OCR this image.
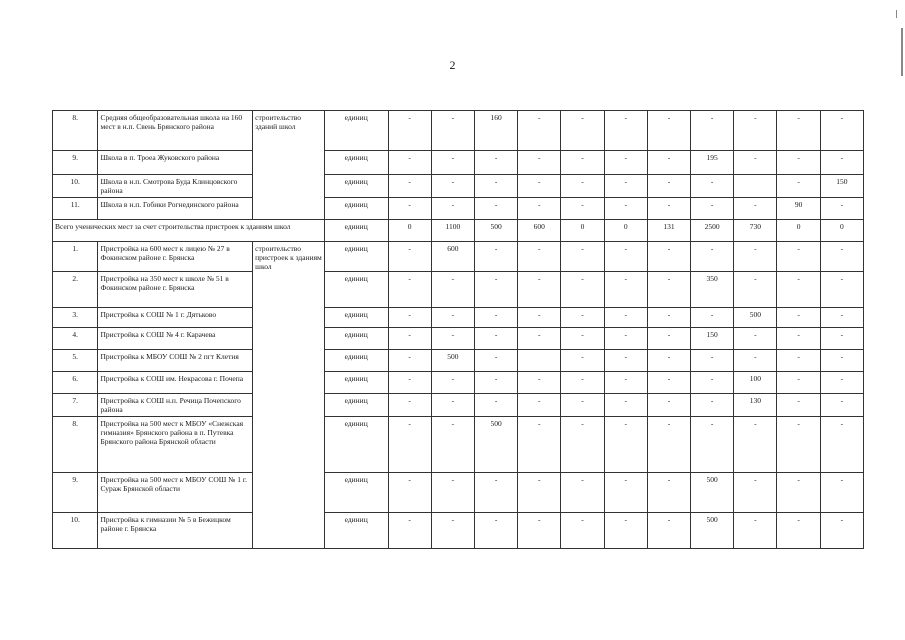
2
8.	Средняя общеобразовательная школа на 160 мест в н.п. Свень Брянского района	строительство зданий школ	единиц	-	-	160	-	-	-	-	-	-	-	-
9.	Школа в п. Троеа Жуковского района		единиц	-	-	-	-	-	-	-	195	-	-	-
10.	Школа в н.п. Смотрова Буда Клинцовского района		единиц	-	-	-	-	-	-	-	-		-	150
11.	Школа в н.п. Гобики Рогнединского района		единиц	-	-	-	-	-	-	-	-	-	90	-
Всего ученических мест за счет строительства пристроек к зданиям школ			единиц	0	1100	500	600	0	0	131	2500	730	0	0
1.	Пристройка на 600 мест к лицею № 27 в Фокинском районе г. Брянска	строительство пристроек к зданиям школ	единиц	-	600	-	-	-	-	-	-	-	-	-
2.	Пристройка на 350 мест к школе № 51 в Фокинском районе г. Брянска		единиц	-	-	-	-	-	-	-	350	-	-	-
3.	Пристройка к СОШ № 1 г. Дятьково		единиц	-	-	-	-	-	-	-	-	500	-	-
4.	Пристройка к СОШ № 4 г. Карачева		единиц	-	-	-	-	-	-	-	150	-	-	-
5.	Пристройка к МБОУ СОШ № 2 пгт Клетня		единиц	-	500	-		-	-	-	-	-	-	-
6.	Пристройка к СОШ им. Некрасова г. Почепа		единиц	-	-	-	-	-	-	-	-	100	-	-
7.	Пристройка к СОШ н.п. Речица Почепского района		единиц	-	-	-	-	-	-	-	-	130	-	-
8.	Пристройка на 500 мест к МБОУ «Снежская гимназия» Брянского района в п. Путевка Брянского района Брянской области		единиц	-	-	500	-	-	-	-	-	-	-	-
9.	Пристройка на 500 мест к МБОУ СОШ № 1 г. Сураж Брянской области		единиц	-	-	-	-	-	-	-	500	-	-	-
10.	Пристройка к гимназии № 5 в Бежицком районе г. Брянска		единиц	-	-	-	-	-	-	-	500	-	-	-
